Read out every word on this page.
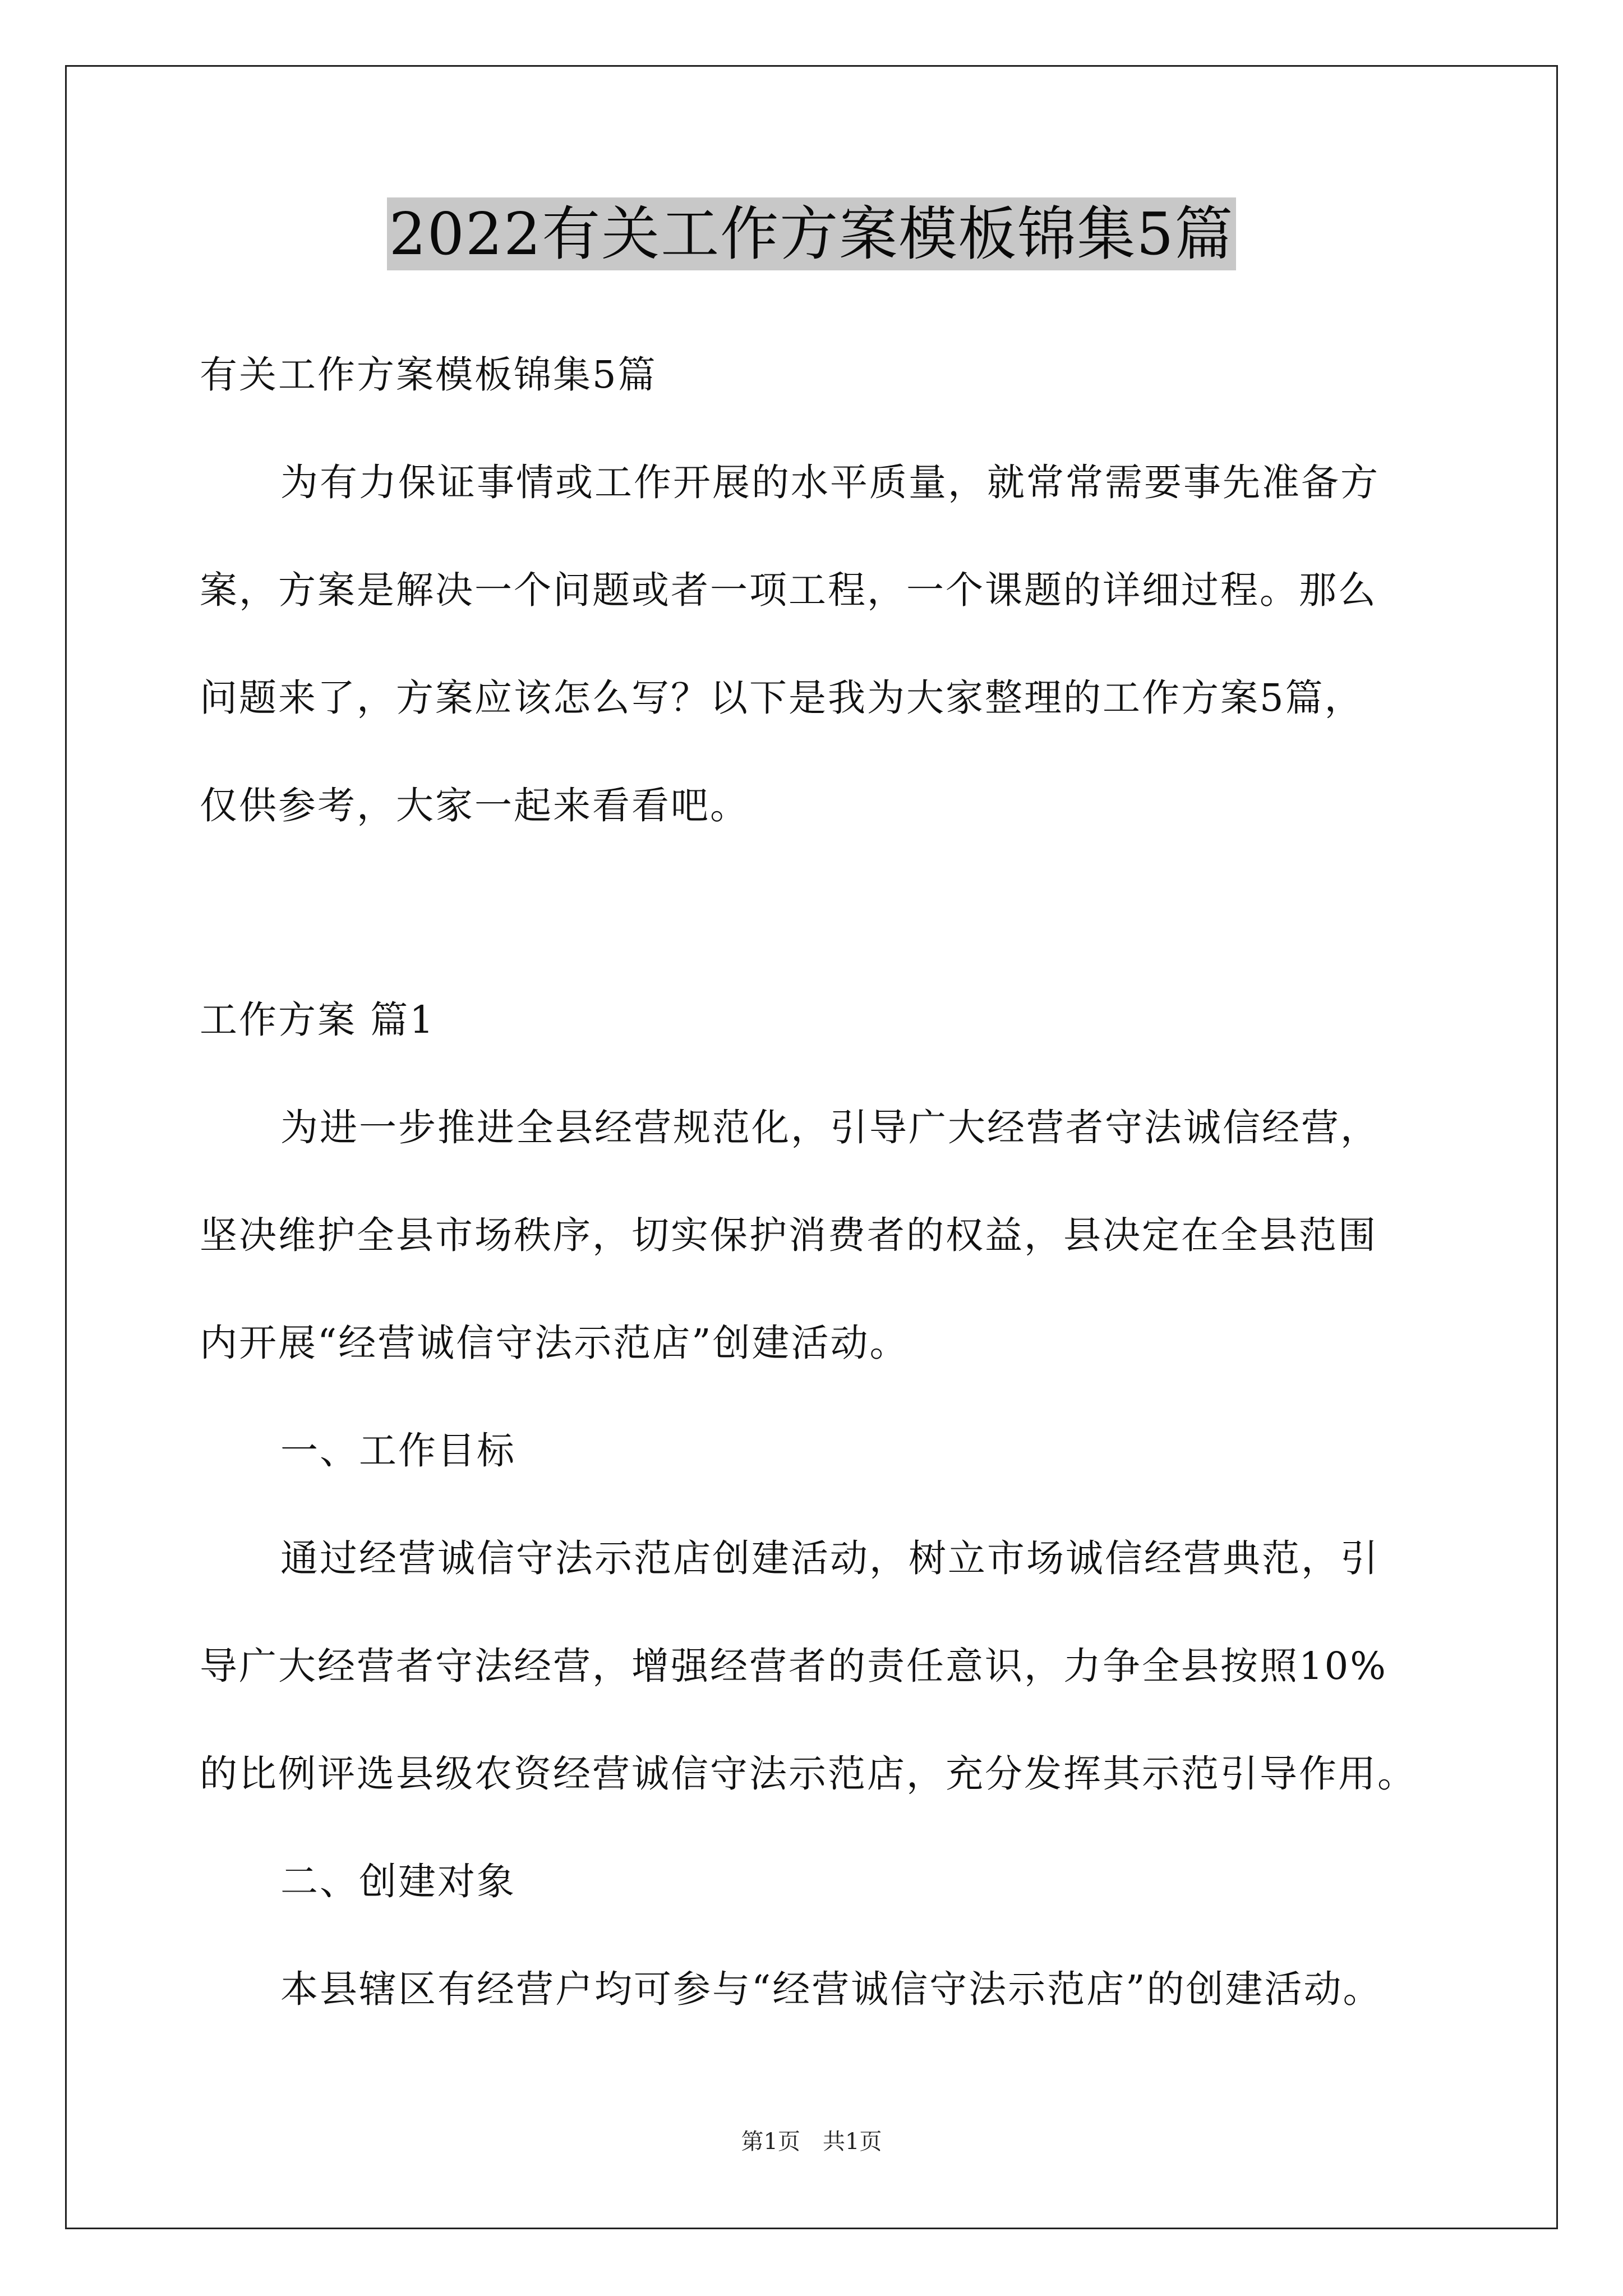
2022有关工作方案模板锦集5篇
有关工作方案模板锦集5篇
为有力保证事情或工作开展的水平质量，就常常需要事先准备方
案，方案是解决一个问题或者一项工程，一个课题的详细过程。那么
问题来了，方案应该怎么写？以下是我为大家整理的工作方案5篇，
仅供参考，大家一起来看看吧。
工作方案 篇1
为进一步推进全县经营规范化，引导广大经营者守法诚信经营，
坚决维护全县市场秩序，切实保护消费者的权益，县决定在全县范围
内开展“经营诚信守法示范店”创建活动。
一、工作目标
通过经营诚信守法示范店创建活动，树立市场诚信经营典范，引
导广大经营者守法经营，增强经营者的责任意识，力争全县按照10%
的比例评选县级农资经营诚信守法示范店，充分发挥其示范引导作用。
二、创建对象
本县辖区有经营户均可参与“经营诚信守法示范店”的创建活动。
第1页　共1页
